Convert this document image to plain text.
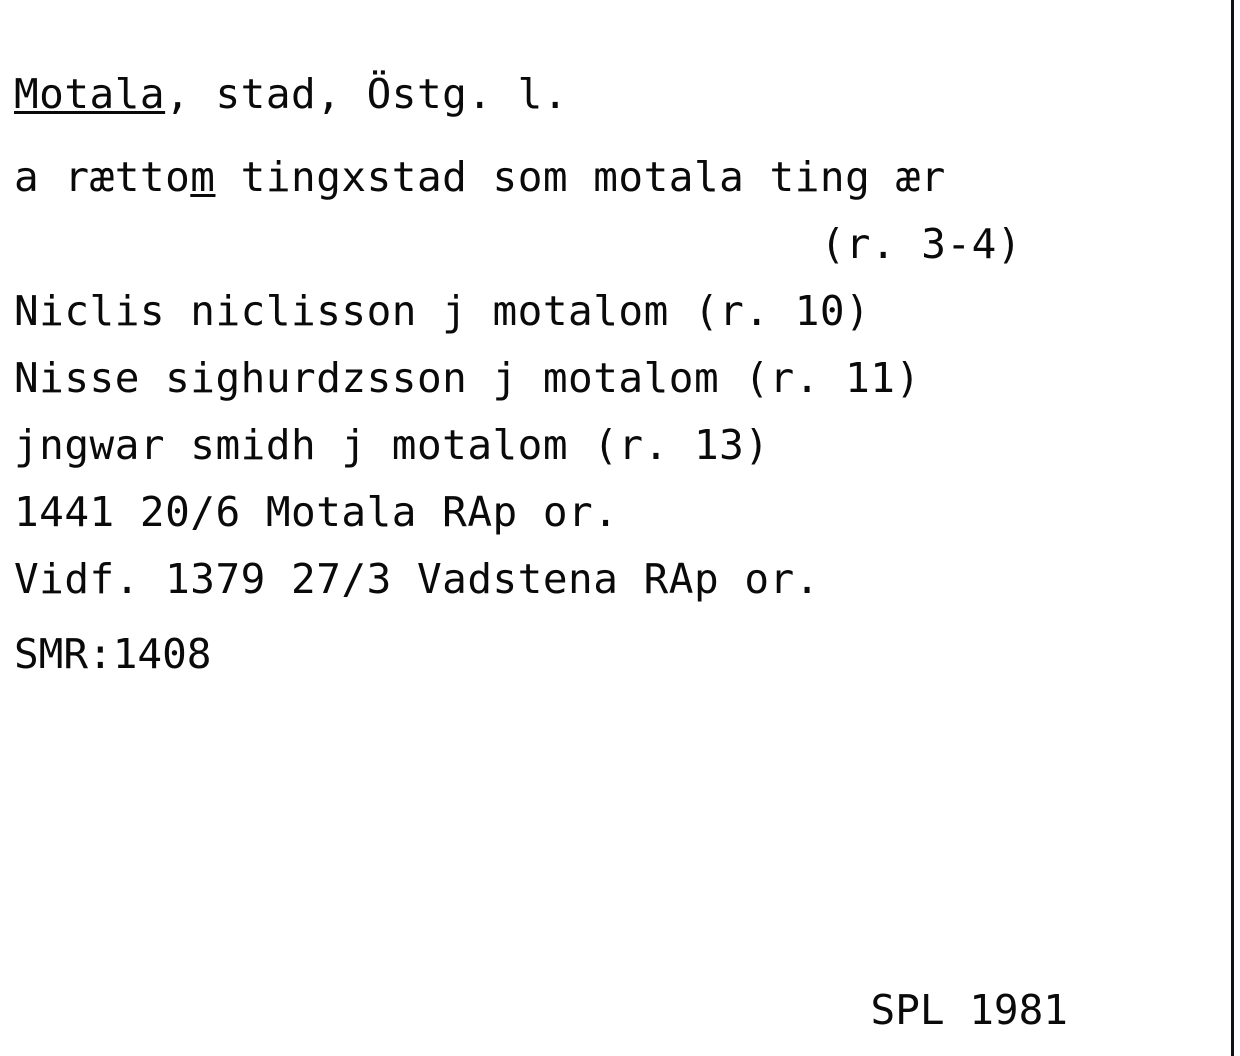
Motala, stad, Östg. l.
a rættom tingxstad som motala ting ær
(r. 3-4)
Niclis niclisson j motalom (r. 10)
Nisse sighurdzsson j motalom (r. 11)
jngwar smidh j motalom (r. 13)
1441 20/6 Motala RAp or.
Vidf. 1379 27/3 Vadstena RAp or.
SMR:1408
SPL 1981
